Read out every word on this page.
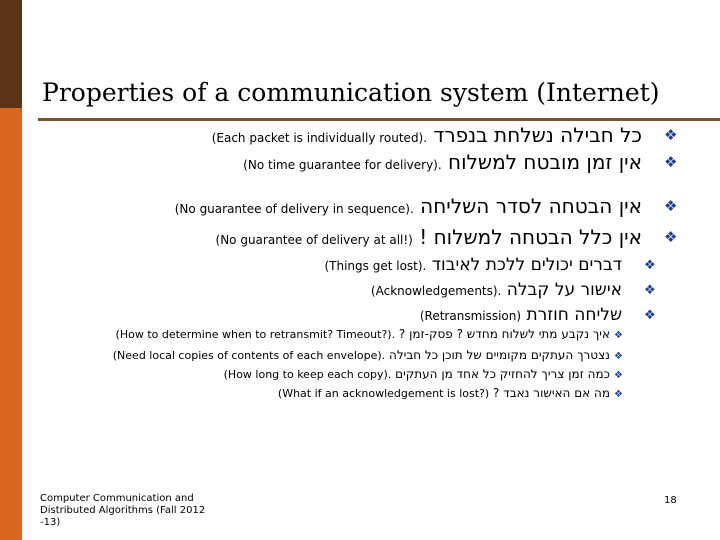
Properties of a communication system (Internet)
❖
כל חבילה נשלחת בנפרד (Each packet is individually routed).
❖
אין זמן מובטח למשלוח (No time guarantee for delivery).
❖
אין הבטחה לסדר השליחה (No guarantee of delivery in sequence).
❖
אין כלל הבטחה למשלוח ! (No guarantee of delivery at all!)
❖
דברים יכולים ללכת לאיבוד (Things get lost).
❖
אישור על קבלה (Acknowledgements).
❖
שליחה חוזרת (Retransmission)
❖
איך נקבע מתי לשלוח מחדש ? פסק-זמן ? (How to determine when to retransmit? Timeout?).
❖
נצטרך העתקים מקומיים של תוכן כל חבילה (Need local copies of contents of each envelope).
❖
כמה זמן צריך להחזיק כל אחד מן העתקים (How long to keep each copy).
❖
מה אם האישור נאבד ? (What if an acknowledgement is lost?)
Computer Communication and
Distributed Algorithms (Fall 2012
-13)
18
